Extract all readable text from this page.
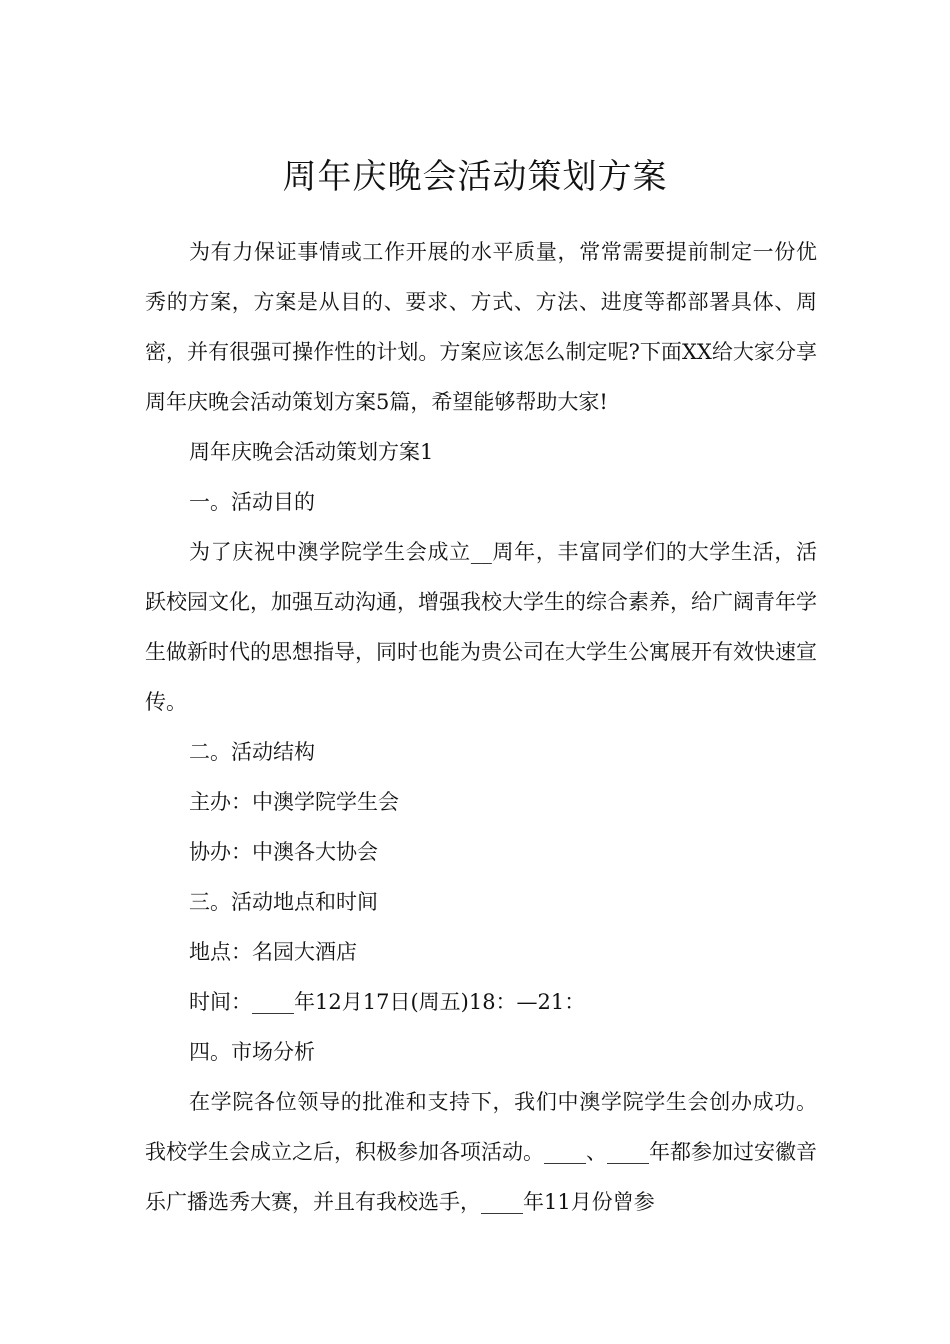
周年庆晚会活动策划方案

为有力保证事情或工作开展的水平质量，常常需要提前制定一份优秀的方案，方案是从目的、要求、方式、方法、进度等都部署具体、周密，并有很强可操作性的计划。方案应该怎么制定呢?下面XX给大家分享周年庆晚会活动策划方案5篇，希望能够帮助大家!

周年庆晚会活动策划方案1

一。活动目的

为了庆祝中澳学院学生会成立__周年，丰富同学们的大学生活，活跃校园文化，加强互动沟通，增强我校大学生的综合素养，给广阔青年学生做新时代的思想指导，同时也能为贵公司在大学生公寓展开有效快速宣传。

二。活动结构

主办：中澳学院学生会

协办：中澳各大协会

三。活动地点和时间

地点：名园大酒店

时间：____年12月17日(周五)18：—21：

四。市场分析

在学院各位领导的批准和支持下，我们中澳学院学生会创办成功。我校学生会成立之后，积极参加各项活动。____、____年都参加过安徽音乐广播选秀大赛，并且有我校选手，____年11月份曾参
